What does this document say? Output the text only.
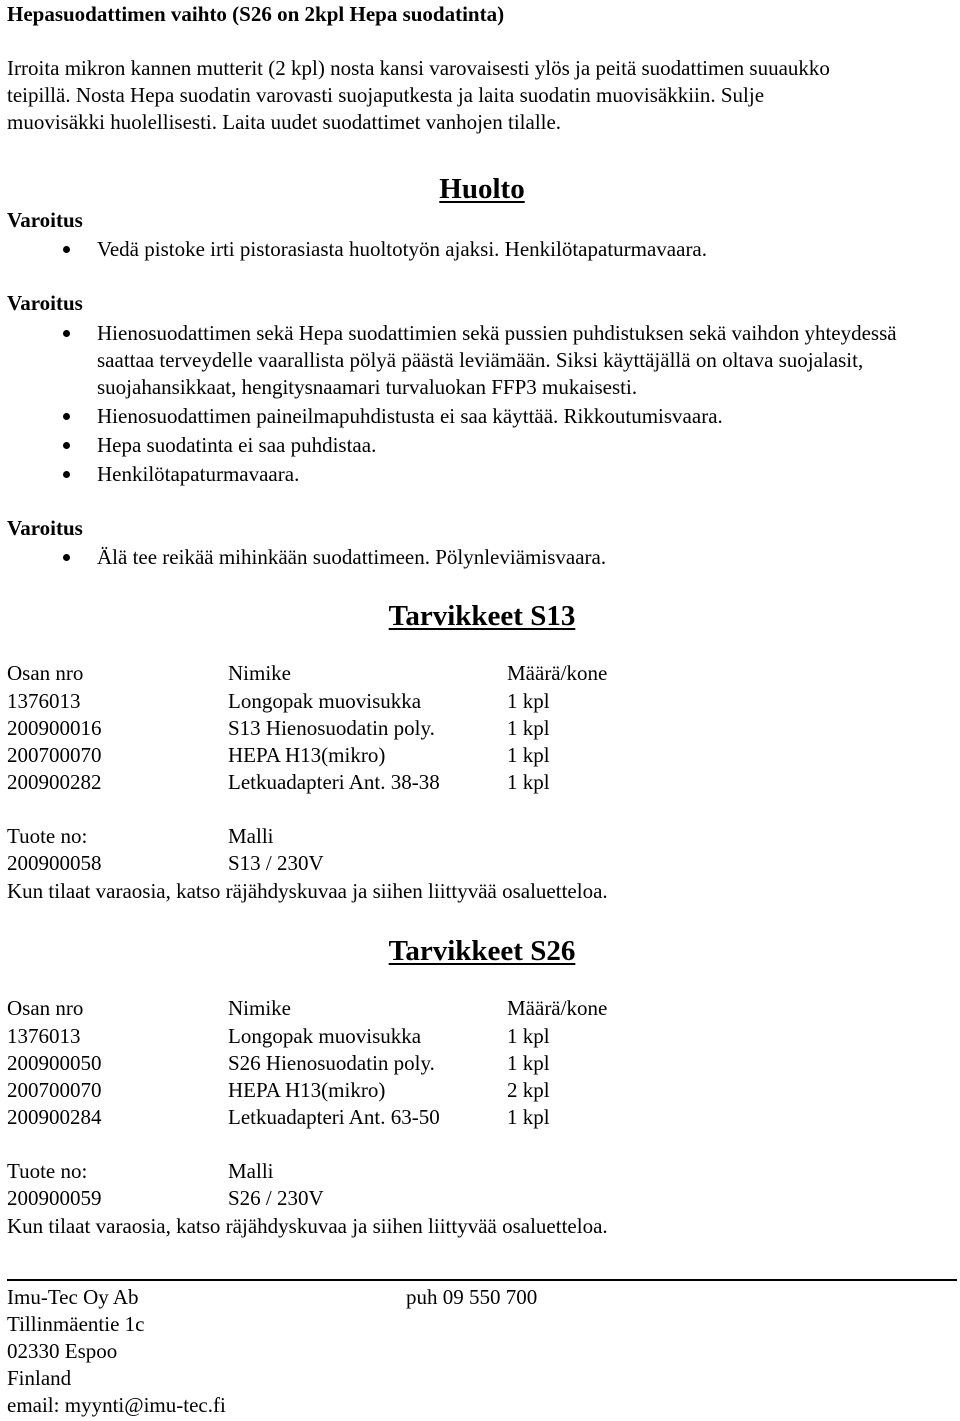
Hepasuodattimen vaihto (S26 on 2kpl Hepa suodatinta)
Irroita mikron kannen mutterit (2 kpl) nosta kansi varovaisesti ylös ja peitä suodattimen suuaukko
teipillä. Nosta Hepa suodatin varovasti suojaputkesta ja laita suodatin muovisäkkiin. Sulje
muovisäkki huolellisesti. Laita uudet suodattimet vanhojen tilalle.
Huolto
Varoitus
Vedä pistoke irti pistorasiasta huoltotyön ajaksi. Henkilötapaturmavaara.
Varoitus
Hienosuodattimen sekä Hepa suodattimien sekä pussien puhdistuksen sekä vaihdon yhteydessä saattaa terveydelle vaarallista pölyä päästä leviämään. Siksi käyttäjällä on oltava suojalasit, suojahansikkaat, hengitysnaamari turvaluokan FFP3 mukaisesti.
Hienosuodattimen paineilmapuhdistusta ei saa käyttää. Rikkoutumisvaara.
Hepa suodatinta ei saa puhdistaa.
Henkilötapaturmavaara.
Varoitus
Älä tee reikää mihinkään suodattimeen. Pölynleviämisvaara.
Tarvikkeet S13
Osan nro	Nimike	Määrä/kone
1376013	Longopak muovisukka	1 kpl
200900016	S13 Hienosuodatin poly.	1 kpl
200700070	HEPA H13(mikro)	1 kpl
200900282	Letkuadapteri Ant. 38-38	1 kpl
Tuote no:	Malli
200900058	S13 / 230V
Kun tilaat varaosia, katso räjähdyskuvaa ja siihen liittyvää osaluetteloa.
Tarvikkeet S26
Osan nro	Nimike	Määrä/kone
1376013	Longopak muovisukka	1 kpl
200900050	S26 Hienosuodatin poly.	1 kpl
200700070	HEPA H13(mikro)	2 kpl
200900284	Letkuadapteri Ant. 63-50	1 kpl
Tuote no:	Malli
200900059	S26 / 230V
Kun tilaat varaosia, katso räjähdyskuvaa ja siihen liittyvää osaluetteloa.
Imu-Tec Oy Ab	puh 09 550 700
Tillinmäentie 1c
02330 Espoo
Finland
email: myynti@imu-tec.fi
